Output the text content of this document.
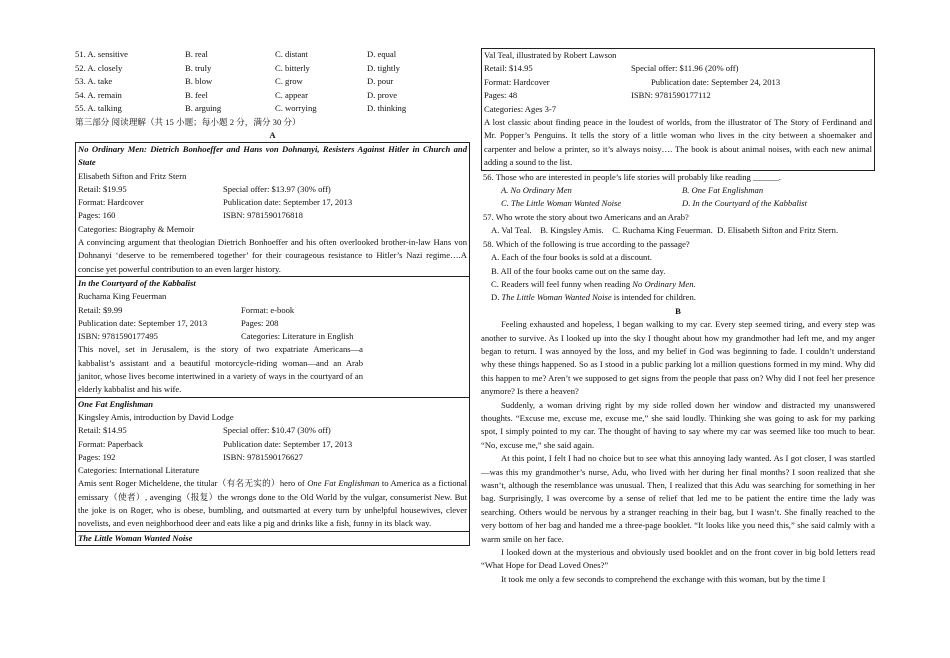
51. A. sensitive	B. real	C. distant	D. equal
52. A. closely	B. truly	C. bitterly	D. tightly
53. A. take	B. blow	C. grow	D. pour
54. A. remain	B. feel	C. appear	D. prove
55. A. talking	B. arguing	C. worrying	D. thinking
第三部分 阅读理解（共 15 小题；每小题 2 分，满分 30 分）
A
No Ordinary Men: Dietrich Bonhoeffer and Hans von Dohnanyi, Resisters Against Hitler in Church and State
Elisabeth Sifton and Fritz Stern
Retail: $19.95	Special offer: $13.97 (30% off)
Format: Hardcover	Publication date: September 17, 2013
Pages: 160	ISBN: 9781590176818
Categories: Biography & Memoir
A convincing argument that theologian Dietrich Bonhoeffer and his often overlooked brother-in-law Hans von Dohnanyi ‘deserve to be remembered together’ for their courageous resistance to Hitler’s Nazi regime….A concise yet powerful contribution to an even larger history.
In the Courtyard of the Kabbalist
Ruchama King Feuerman
Retail: $9.99	Format: e-book
Publication date: September 17, 2013	Pages: 208
ISBN: 9781590177495	Categories: Literature in English
This novel, set in Jerusalem, is the story of two expatriate Americans—a kabbalist’s assistant and a beautiful motorcycle-riding woman—and an Arab janitor, whose lives become intertwined in a variety of ways in the courtyard of an elderly kabbalist and his wife.
One Fat Englishman
Kingsley Amis, introduction by David Lodge
Retail: $14.95	Special offer: $10.47 (30% off)
Format: Paperback	Publication date: September 17, 2013
Pages: 192	ISBN: 9781590176627
Categories: International Literature
Amis sent Roger Micheldene, the titular（有名无实的）hero of One Fat Englishman to America as a fictional emissary（使者）, avenging（报复）the wrongs done to the Old World by the vulgar, consumerist New. But the joke is on Roger, who is obese, bumbling, and outsmarted at every turn by unhelpful housewives, clever novelists, and even neighborhood deer and eats like a pig and drinks like a fish, funny in its black way.
The Little Woman Wanted Noise
Val Teal, illustrated by Robert Lawson
Retail: $14.95	Special offer: $11.96 (20% off)
Format: Hardcover	Publication date: September 24, 2013
Pages: 48	ISBN: 9781590177112
Categories: Ages 3-7
A lost classic about finding peace in the loudest of worlds, from the illustrator of The Story of Ferdinand and Mr. Popper’s Penguins. It tells the story of a little woman who lives in the city between a shoemaker and carpenter and below a printer, so it’s always noisy…. The book is about animal noises, with each new animal adding a sound to the list.
56. Those who are interested in people’s life stories will probably like reading ______.
A. No Ordinary Men	B. One Fat Englishman
C. The Little Woman Wanted Noise	D. In the Courtyard of the Kabbalist
57. Who wrote the story about two Americans and an Arab?
A. Val Teal.    B. Kingsley Amis.    C. Ruchama King Feuerman.  D. Elisabeth Sifton and Fritz Stern.
58. Which of the following is true according to the passage?
A. Each of the four books is sold at a discount.
B. All of the four books came out on the same day.
C. Readers will feel funny when reading No Ordinary Men.
D. The Little Woman Wanted Noise is intended for children.
B

Feeling exhausted and hopeless, I began walking to my car. Every step seemed tiring, and every step was another to survive. As I looked up into the sky I thought about how my grandmother had left me, and my anger began to return. I was annoyed by the loss, and my belief in God was beginning to fade. I couldn’t understand why these things happened. So as I stood in a public parking lot a million questions formed in my mind. Why did this happen to me? Aren’t we supposed to get signs from the people that pass on? Why did I not feel her presence anymore? Is there a heaven?

Suddenly, a woman driving right by my side rolled down her window and distracted my unanswered thoughts. “Excuse me, excuse me, excuse me,” she said loudly. Thinking she was going to ask for my parking spot, I simply pointed to my car. The thought of having to say where my car was seemed like too much to bear. “No, excuse me,” she said again.

At this point, I felt I had no choice but to see what this annoying lady wanted. As I got closer, I was startled—was this my grandmother’s nurse, Adu, who lived with her during her final months? I soon realized that she wasn’t, although the resemblance was unusual. Then, I realized that this Adu was searching for something in her bag. Surprisingly, I was overcome by a sense of relief that led me to be patient the entire time the lady was searching. Others would be nervous by a stranger reaching in their bag, but I wasn’t. She finally reached to the very bottom of her bag and handed me a three-page booklet. “It looks like you need this,” she said calmly with a warm smile on her face.

I looked down at the mysterious and obviously used booklet and on the front cover in big bold letters read “What Hope for Dead Loved Ones?”

It took me only a few seconds to comprehend the exchange with this woman, but by the time I
